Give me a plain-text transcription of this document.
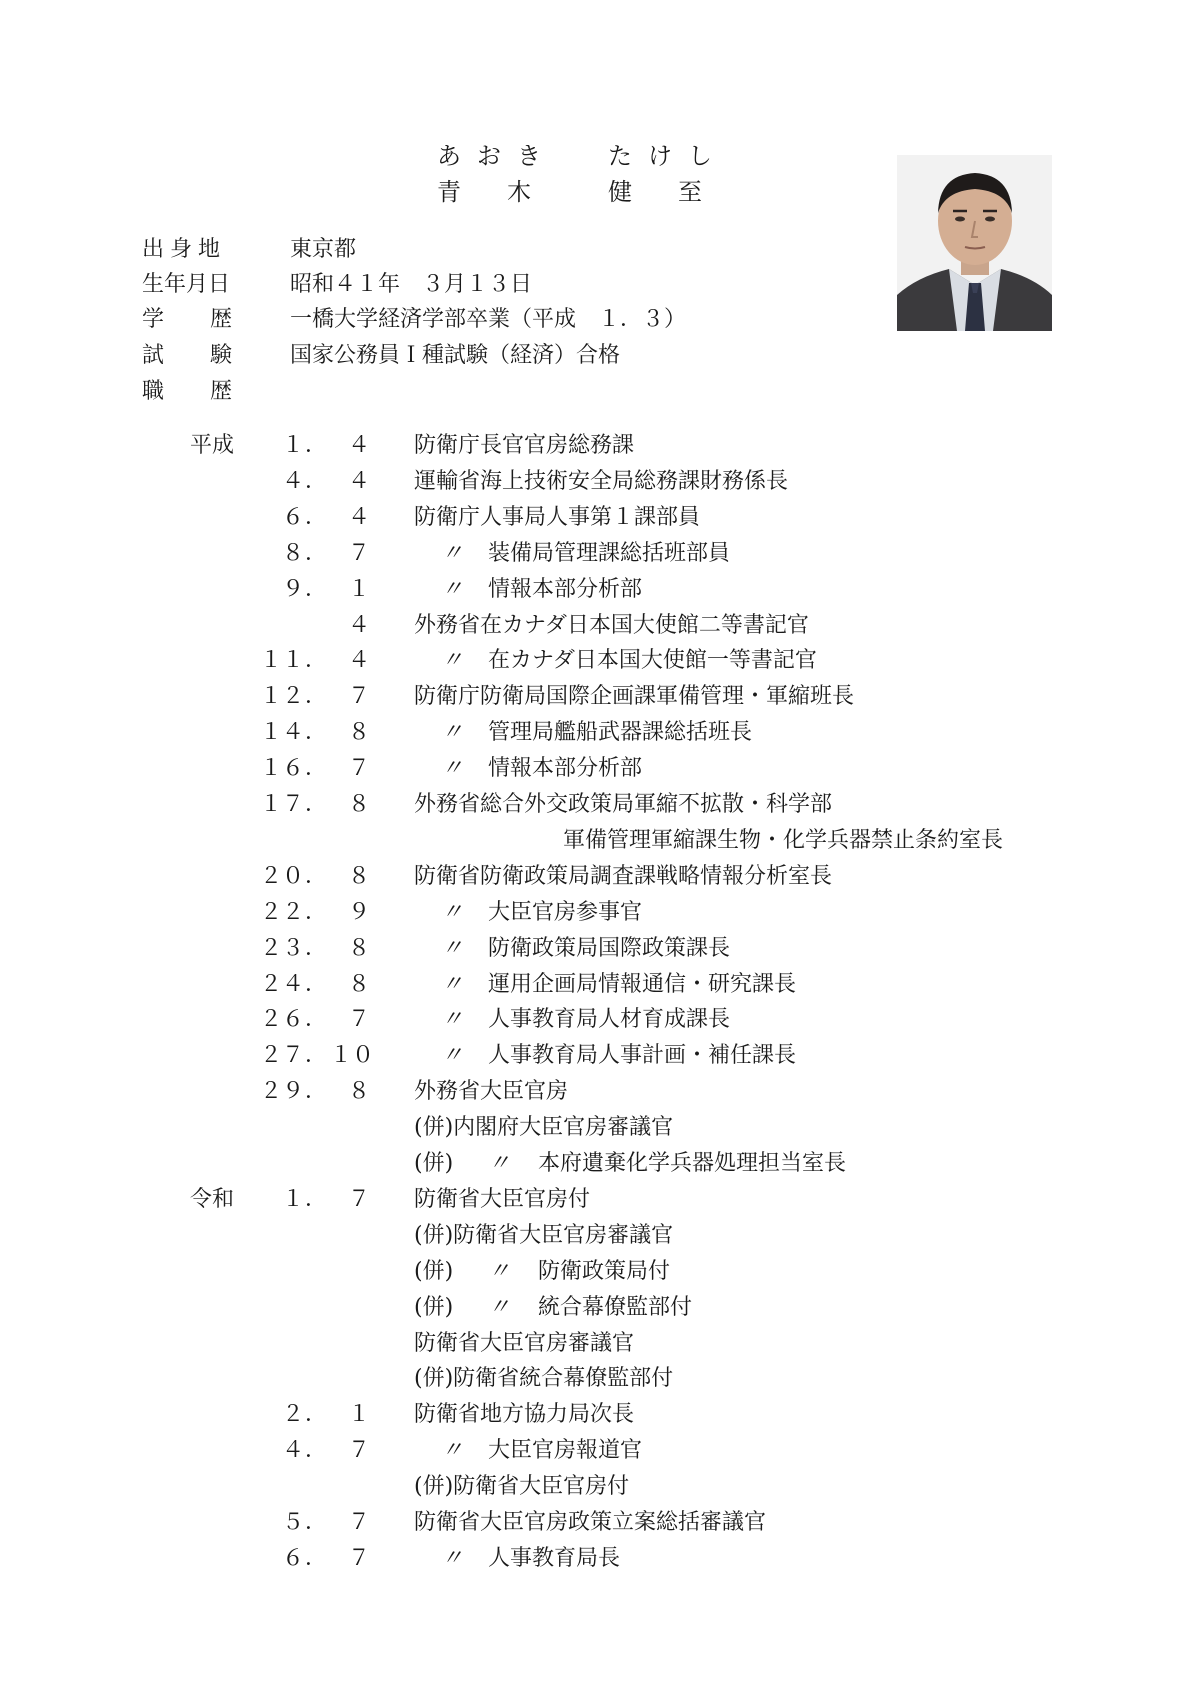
あおき たけし
青木 健至
出身地	東京都
生年月日	昭和４１年　３月１３日
学　歴	一橋大学経済学部卒業（平成　１．３）
試　験	国家公務員Ｉ種試験（経済）合格
職　歴
平成	１	４ 防衛庁長官官房総務課
．
４	４ 運輸省海上技術安全局総務課財務係長
．
６	４ 防衛庁人事局人事第１課部員
．
８	７	〃 装備局管理課総括班部員
．
９	１	〃 情報本部分析部
．
４ 外務省在カナダ日本国大使館二等書記官
１１	４	〃 在カナダ日本国大使館一等書記官
．
１２	７ 防衛庁防衛局国際企画課軍備管理・軍縮班長
．
１４	８	〃 管理局艦船武器課総括班長
．
１６	７	〃 情報本部分析部
．
１７	８ 外務省総合外交政策局軍縮不拡散・科学部
．
軍備管理軍縮課生物・化学兵器禁止条約室長
２０	８ 防衛省防衛政策局調査課戦略情報分析室長
．
２２	９	〃 大臣官房参事官
．
２３	８	〃 防衛政策局国際政策課長
．
２４	８	〃 運用企画局情報通信・研究課長
．
２６	７	〃 人事教育局人材育成課長
．
２７ １０	〃 人事教育局人事計画・補任課長
．
２９	８ 外務省大臣官房
．
(併)内閣府大臣官房審議官
(併) 〃 本府遺棄化学兵器処理担当室長
令和	１	７ 防衛省大臣官房付
．
(併)防衛省大臣官房審議官
(併) 〃 防衛政策局付
(併) 〃 統合幕僚監部付
防衛省大臣官房審議官
(併)防衛省統合幕僚監部付
２	１ 防衛省地方協力局次長
．
４	７	〃 大臣官房報道官
．
(併)防衛省大臣官房付
５	７ 防衛省大臣官房政策立案総括審議官
．
６	７	〃 人事教育局長
．
